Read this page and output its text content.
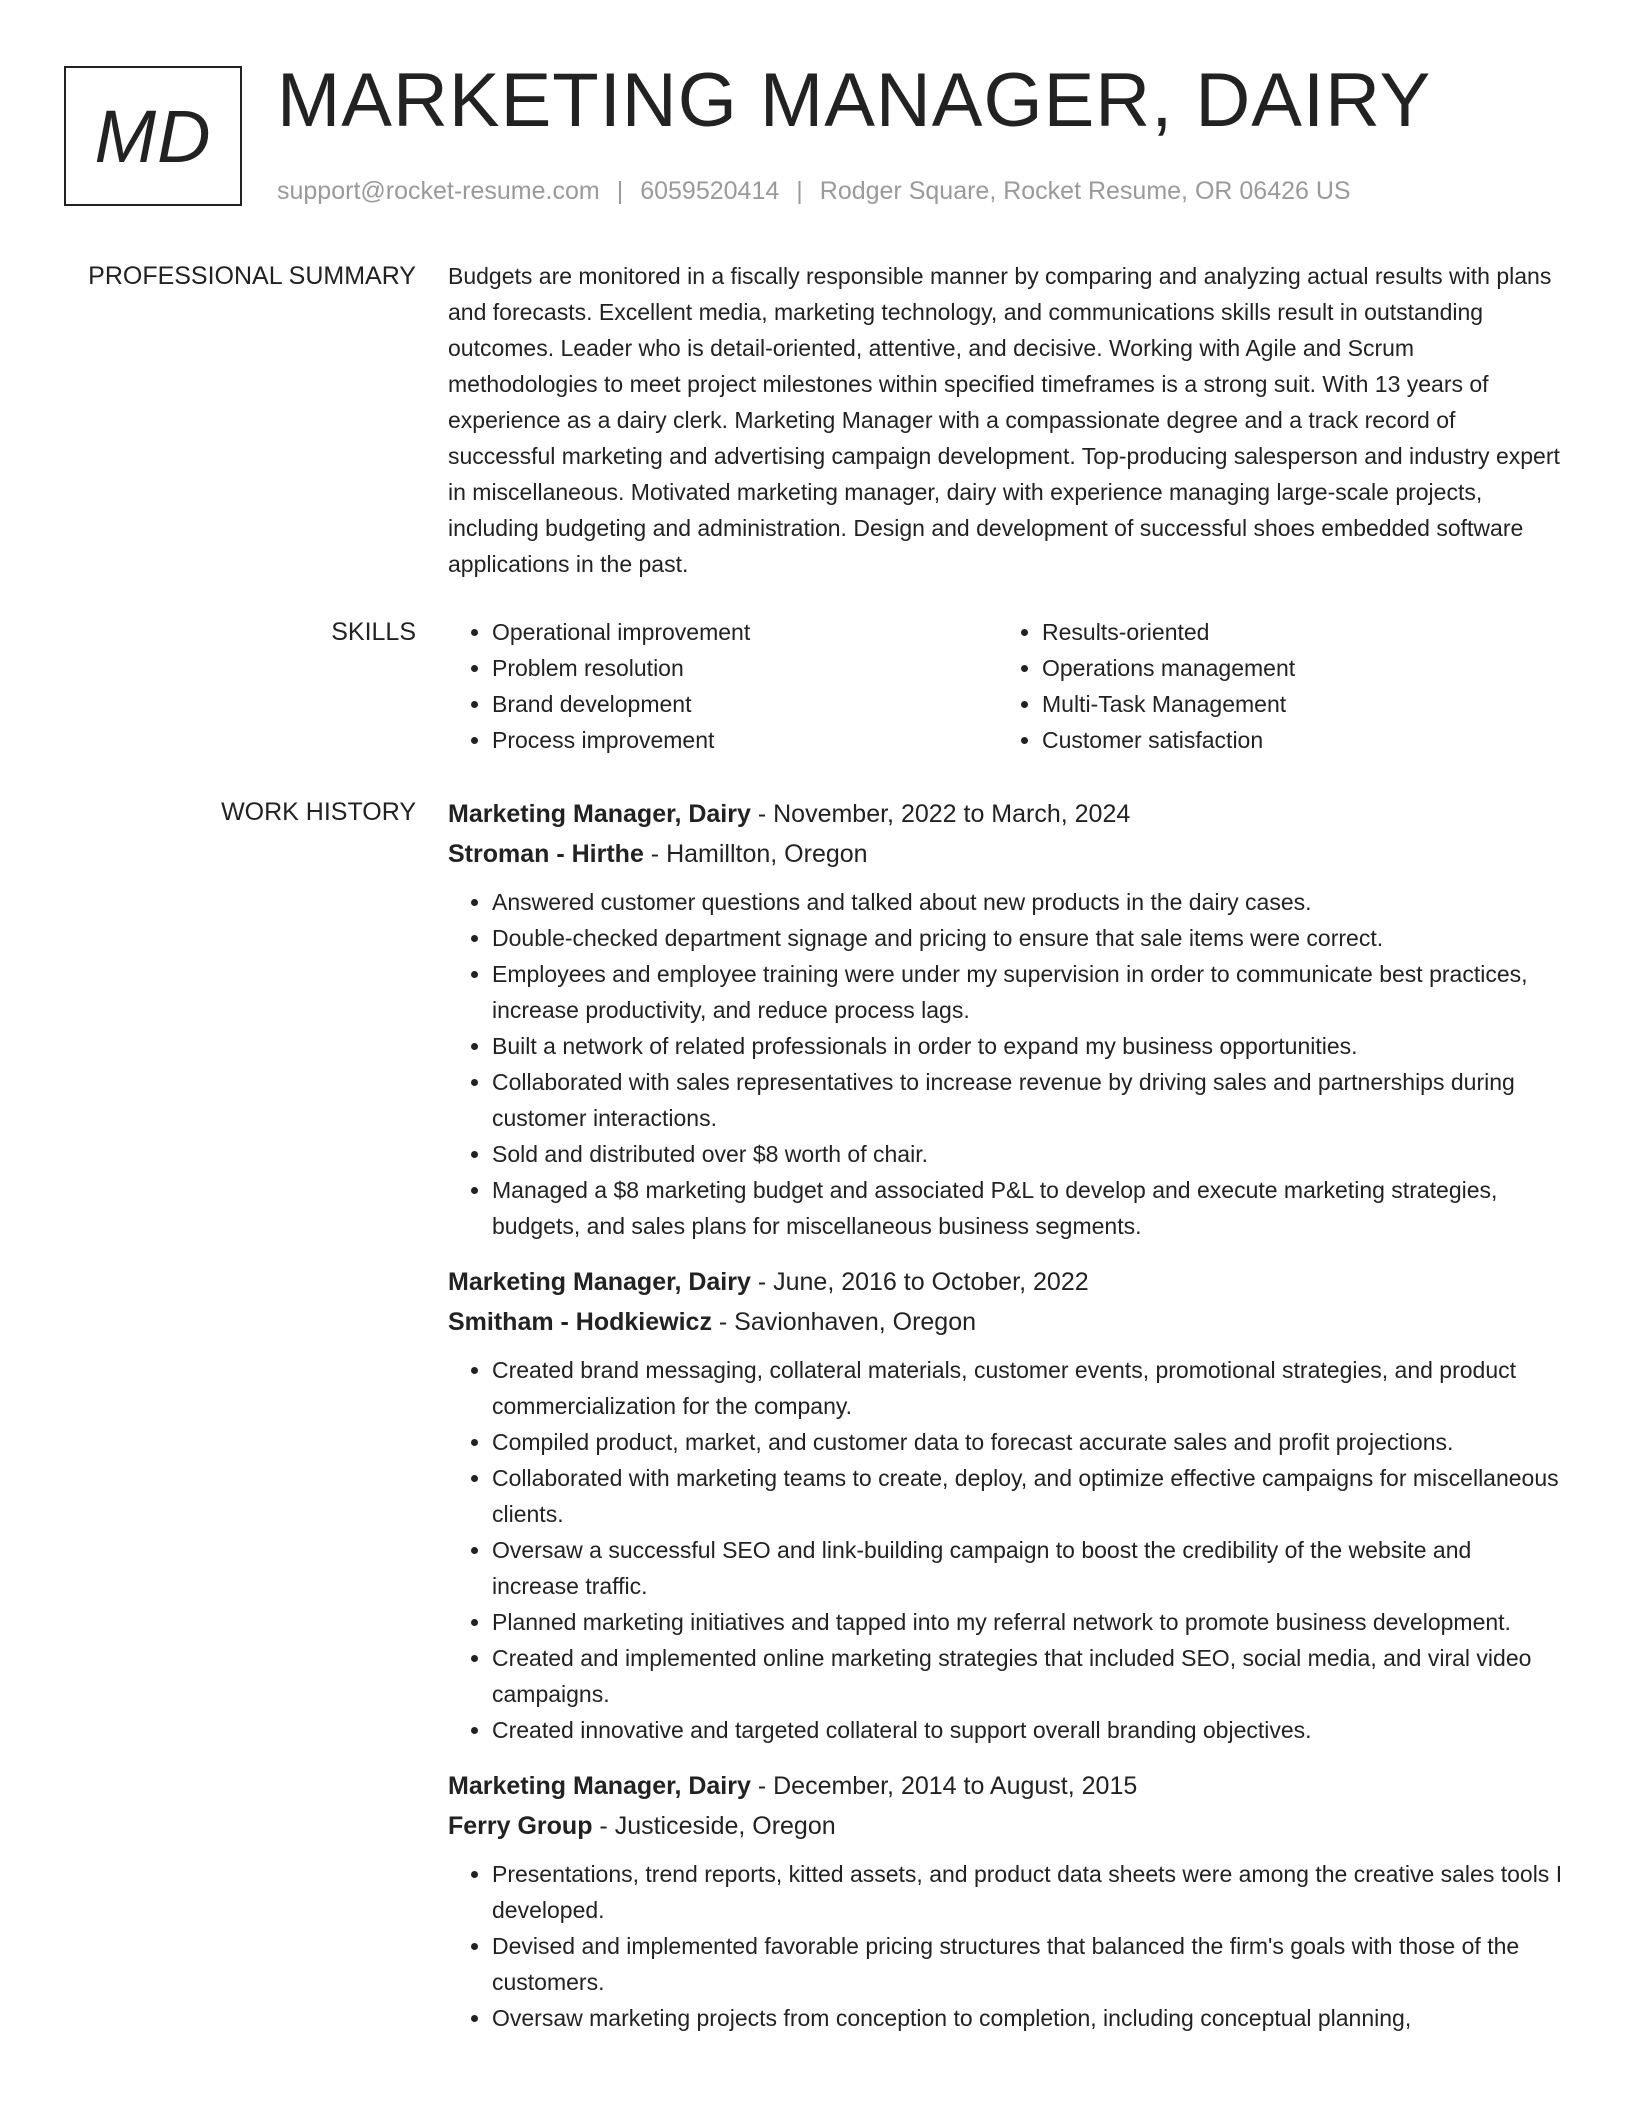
MD MARKETING MANAGER, DAIRY
support@rocket-resume.com | 6059520414 | Rodger Square, Rocket Resume, OR 06426 US
PROFESSIONAL SUMMARY Budgets are monitored in a fiscally responsible manner by comparing and analyzing actual results with plans and forecasts. Excellent media, marketing technology, and communications skills result in outstanding outcomes. Leader who is detail-oriented, attentive, and decisive. Working with Agile and Scrum methodologies to meet project milestones within specified timeframes is a strong suit. With 13 years of experience as a dairy clerk. Marketing Manager with a compassionate degree and a track record of successful marketing and advertising campaign development. Top-producing salesperson and industry expert in miscellaneous. Motivated marketing manager, dairy with experience managing large-scale projects, including budgeting and administration. Design and development of successful shoes embedded software applications in the past.

SKILLS
•	Operational improvement
• Problem resolution
• Brand development
• Process improvement
• Results-oriented
• Operations management
• Multi-Task Management
• Customer satisfaction
WORK HISTORY Marketing Manager, Dairy - November, 2022 to March, 2024
Stroman - Hirthe - Hamillton, Oregon
• Answered customer questions and talked about new products in the dairy cases.
• Double-checked department signage and pricing to ensure that sale items were correct.
• Employees and employee training were under my supervision in order to communicate best practices, increase productivity, and reduce process lags.
• Built a network of related professionals in order to expand my business opportunities.
• Collaborated with sales representatives to increase revenue by driving sales and partnerships during customer interactions.
• Sold and distributed over $8 worth of chair.
• Managed a $8 marketing budget and associated P&L to develop and execute marketing strategies, budgets, and sales plans for miscellaneous business segments.
Marketing Manager, Dairy - June, 2016 to October, 2022
Smitham - Hodkiewicz - Savionhaven, Oregon
• Created brand messaging, collateral materials, customer events, promotional strategies, and product commercialization for the company.
• Compiled product, market, and customer data to forecast accurate sales and profit projections.
• Collaborated with marketing teams to create, deploy, and optimize effective campaigns for miscellaneous clients.
• Oversaw a successful SEO and link-building campaign to boost the credibility of the website and increase traffic.
• Planned marketing initiatives and tapped into my referral network to promote business development.
• Created and implemented online marketing strategies that included SEO, social media, and viral video campaigns.
• Created innovative and targeted collateral to support overall branding objectives.
Marketing Manager, Dairy - December, 2014 to August, 2015
Ferry Group - Justiceside, Oregon
• Presentations, trend reports, kitted assets, and product data sheets were among the creative sales tools I developed.
• Devised and implemented favorable pricing structures that balanced the firm's goals with those of the customers.
• Oversaw marketing projects from conception to completion, including conceptual planning,
